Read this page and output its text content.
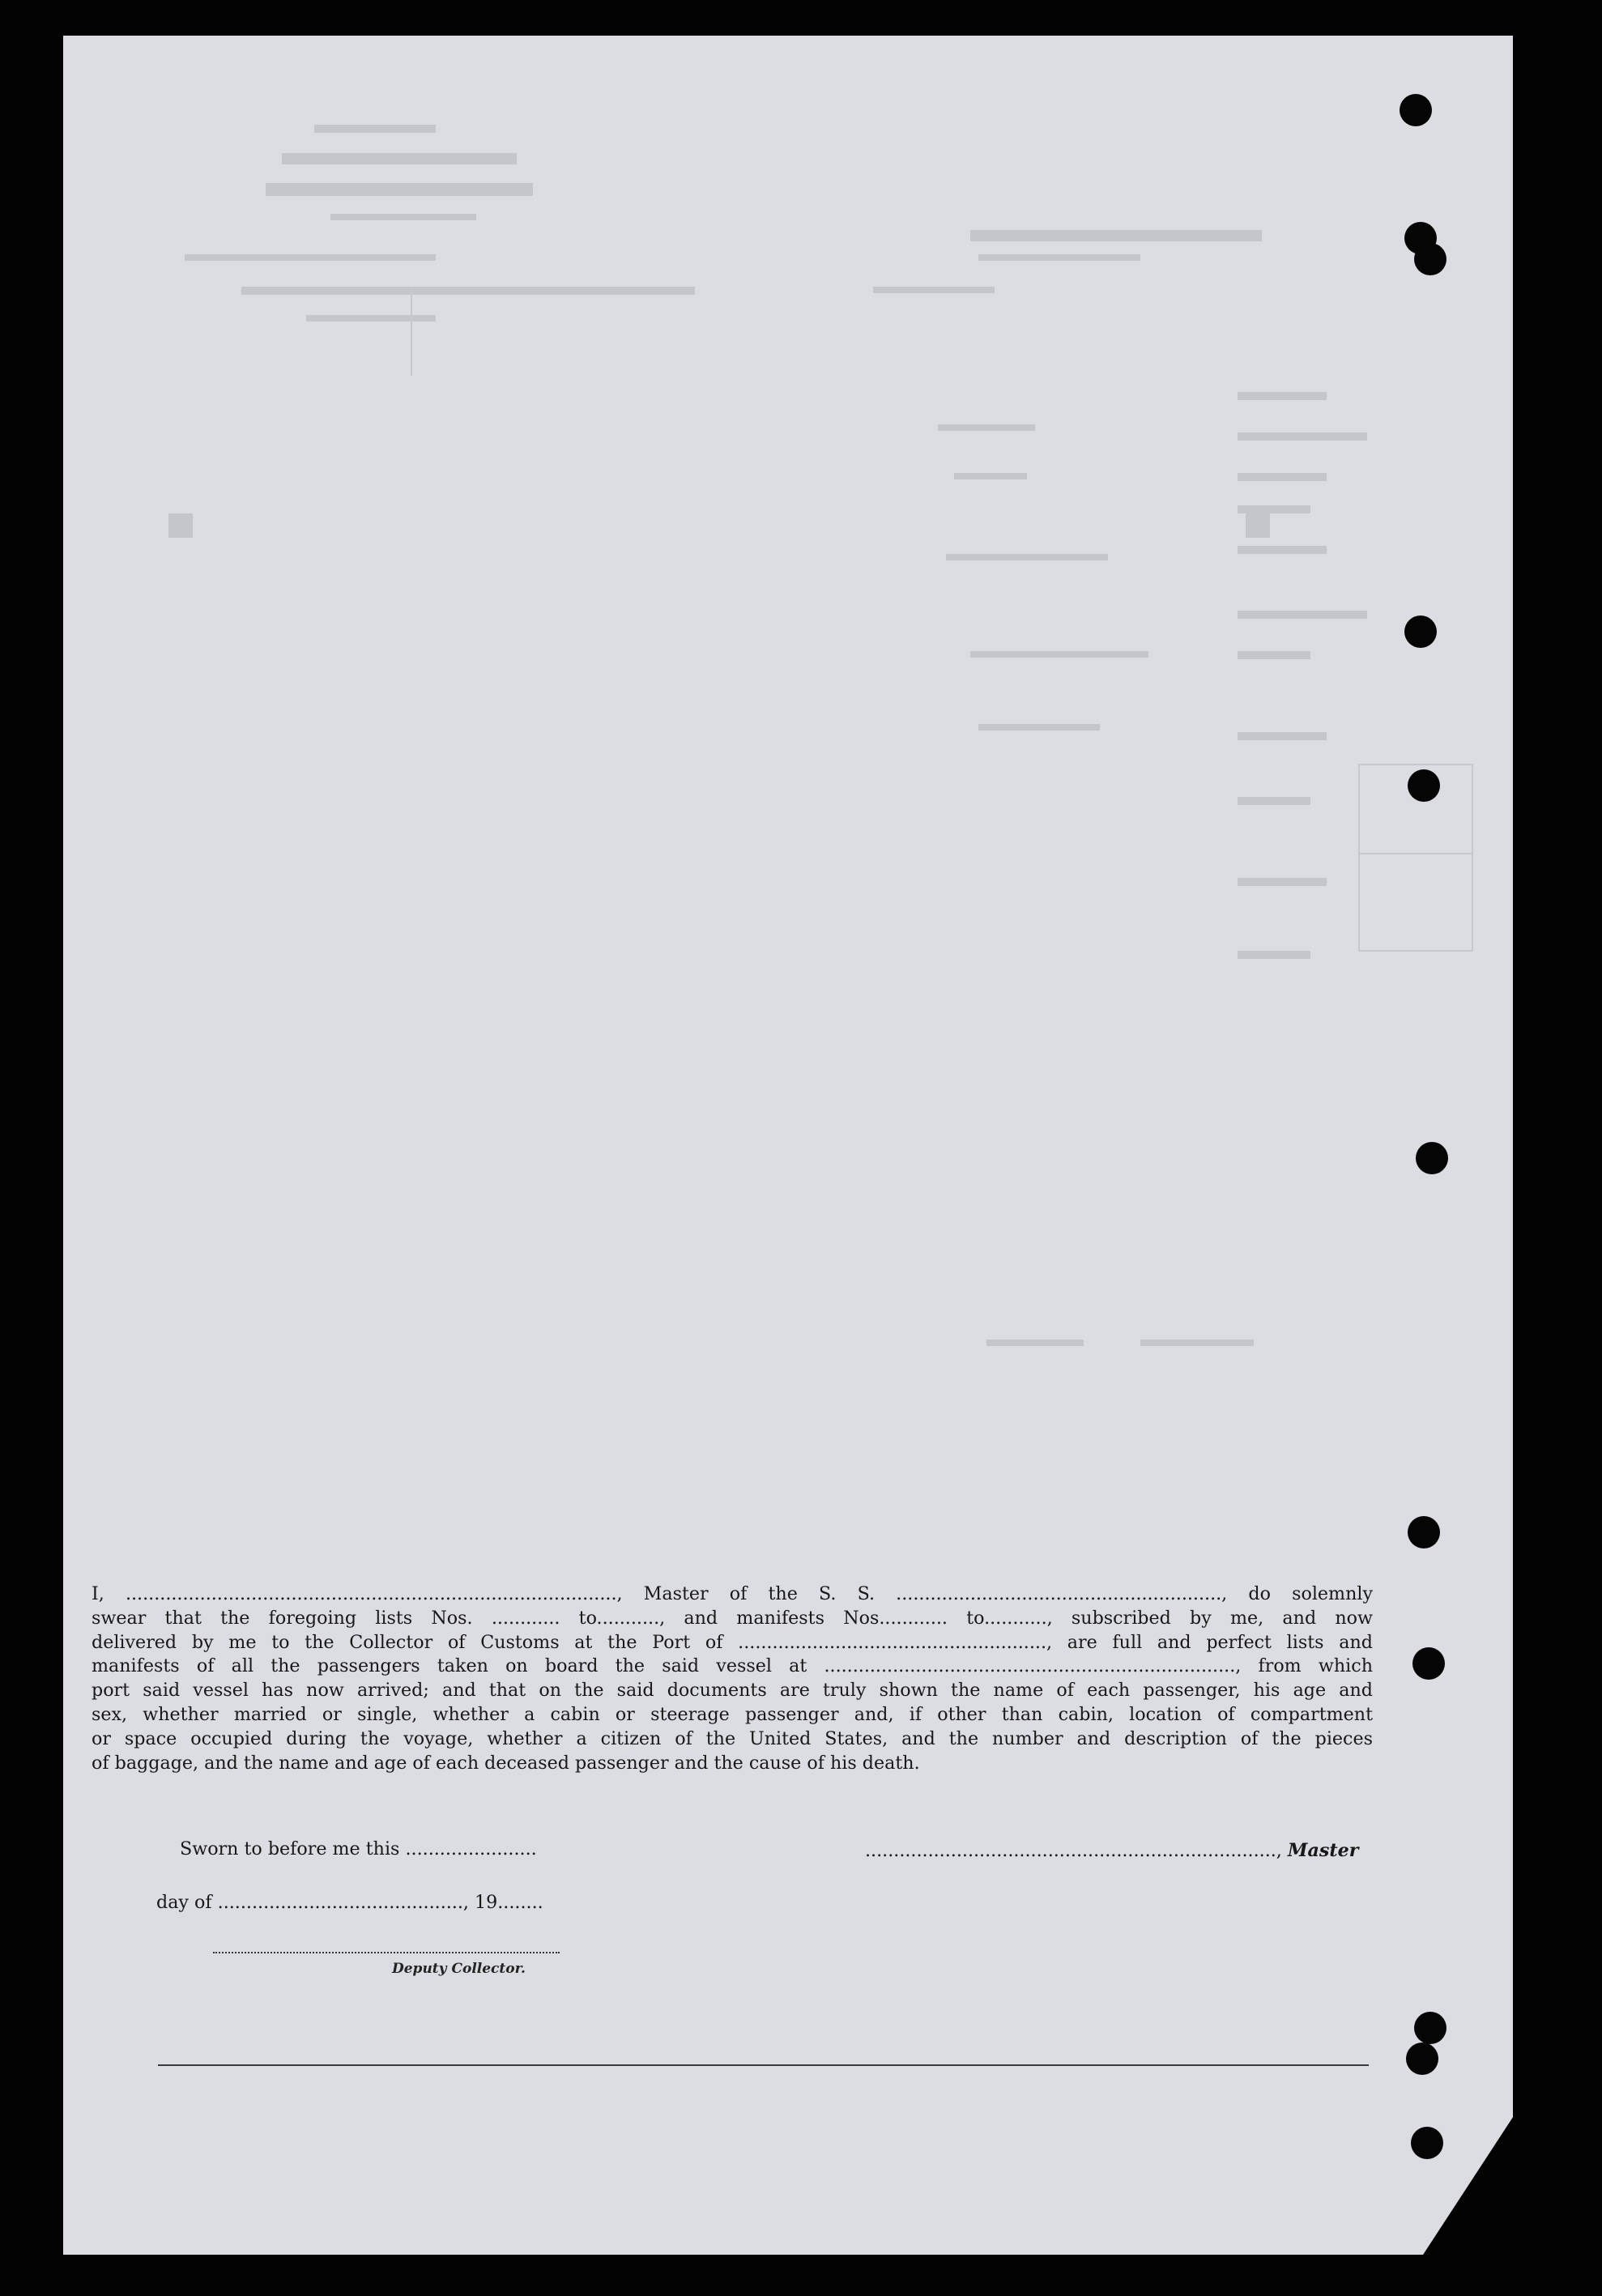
I, ......................................................................................, Master of the S. S. ........................................................., do solemnly
swear that the foregoing lists Nos. ............ to..........., and manifests Nos............ to..........., subscribed by me, and now
delivered by me to the Collector of Customs at the Port of ......................................................, are full and perfect lists and
manifests of all the passengers taken on board the said vessel at ........................................................................, from which
port said vessel has now arrived; and that on the said documents are truly shown the name of each passenger, his age and
sex, whether married or single, whether a cabin or steerage passenger and, if other than cabin, location of compartment
or space occupied during the voyage, whether a citizen of the United States, and the number and description of the pieces
of baggage, and the name and age of each deceased passenger and the cause of his death.
Sworn to before me this .......................	........................................................................, Master
day of ..........................................., 19........
Deputy Collector.
